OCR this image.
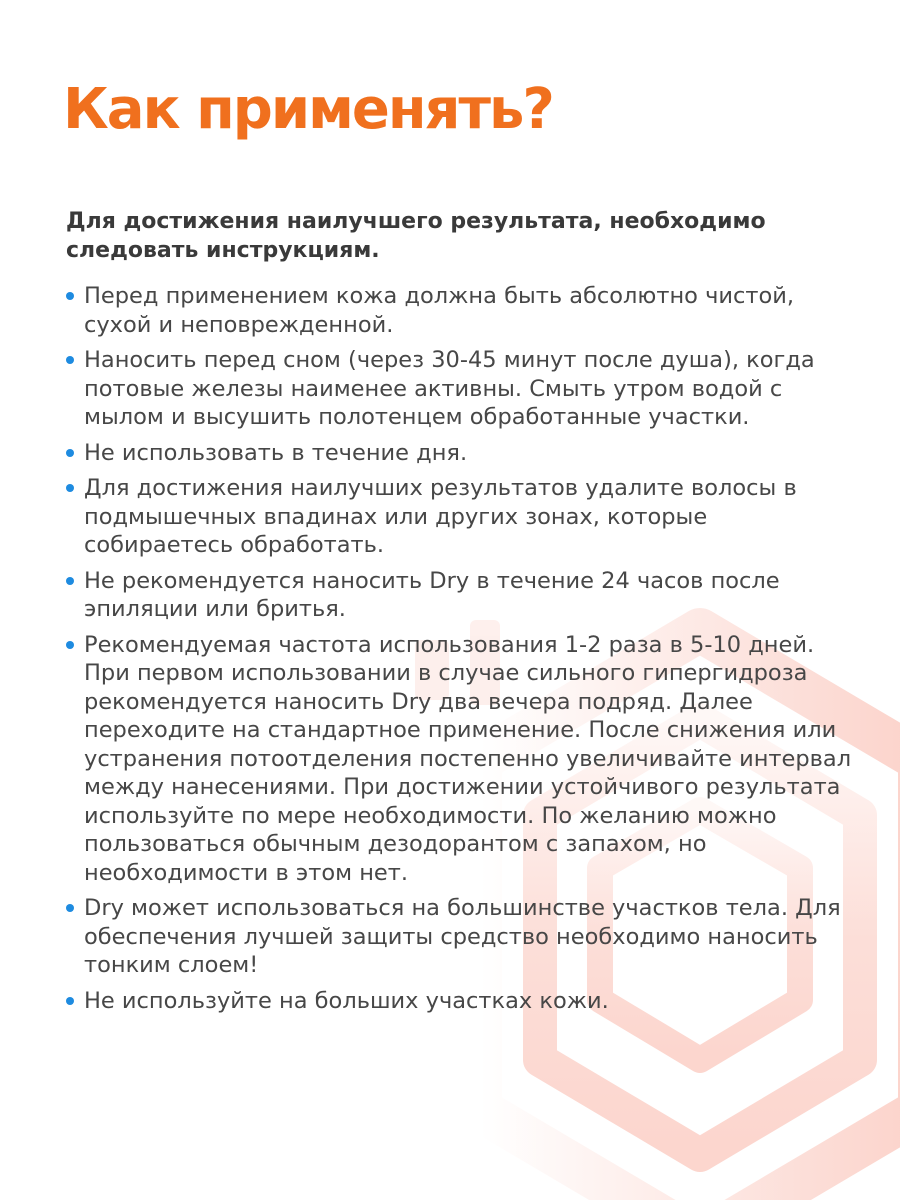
Как применять?

Для достижения наилучшего результата, необходимо следовать инструкциям.

Перед применением кожа должна быть абсолютно чистой, сухой и неповрежденной.
Наносить перед сном (через 30-45 минут после душа), когда потовые железы наименее активны. Смыть утром водой с мылом и высушить полотенцем обработанные участки.
Не использовать в течение дня.
Для достижения наилучших результатов удалите волосы в подмышечных впадинах или других зонах, которые собираетесь обработать.
Не рекомендуется наносить Dry в течение 24 часов после эпиляции или бритья.
Рекомендуемая частота использования 1-2 раза в 5-10 дней. При первом использовании в случае сильного гипергидроза рекомендуется наносить Dry два вечера подряд. Далее переходите на стандартное применение. После снижения или устранения потоотделения постепенно увеличивайте интервал между нанесениями. При достижении устойчивого результата используйте по мере необходимости. По желанию можно пользоваться обычным дезодорантом с запахом, но необходимости в этом нет.
Dry может использоваться на большинстве участков тела. Для обеспечения лучшей защиты средство необходимо наносить тонким слоем!
Не используйте на больших участках кожи.
